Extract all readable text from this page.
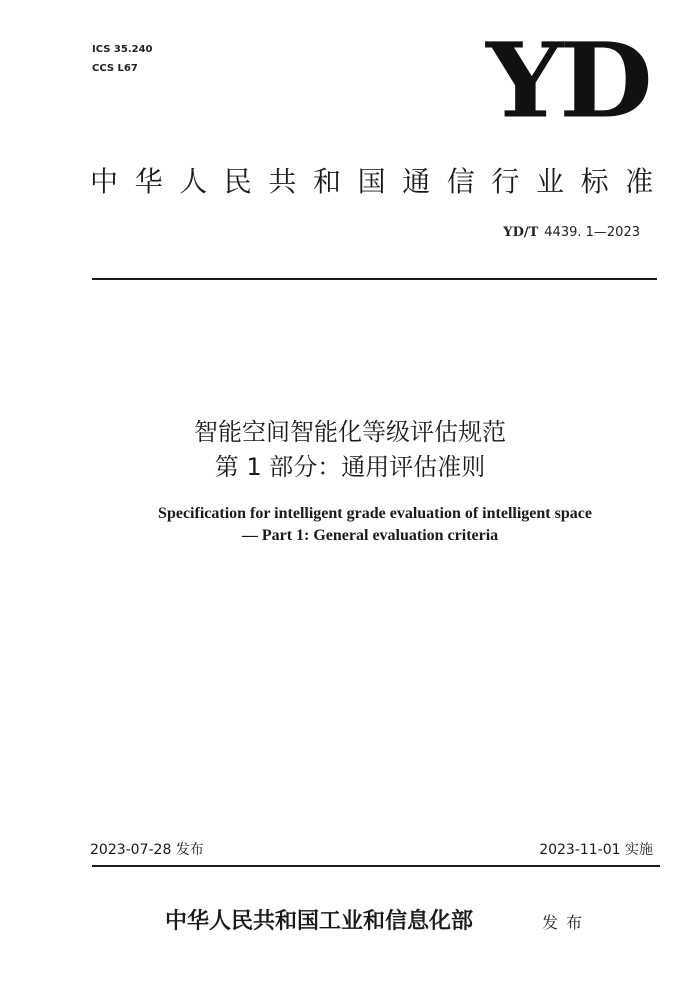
ICS 35.240
CCS L67	YD
中华人民共和国通信行业标准
YD/T 4439. 1—2023
智能空间智能化等级评估规范
第 1 部分：通用评估准则
Specification for intelligent grade evaluation of intelligent space
— Part 1: General evaluation criteria
2023-07-28 发布	2023-11-01 实施
中华人民共和国工业和信息化部	发布
